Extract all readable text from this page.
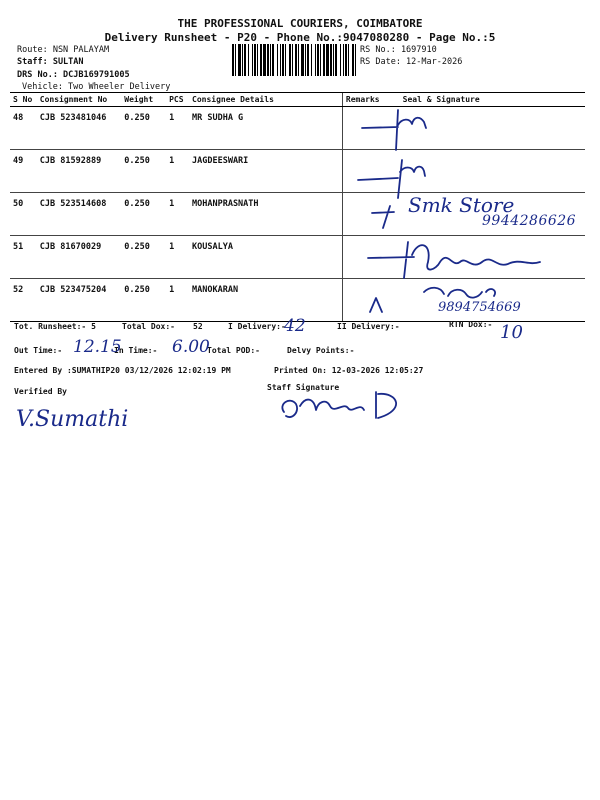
THE PROFESSIONAL COURIERS, COIMBATORE
Delivery Runsheet - P20 - Phone No.:9047080280 - Page No.:5
Route: NSN PALAYAM
Staff: SULTAN
DRS No.: DCJB169791005
Vehicle: Two Wheeler Delivery
RS No.: 1697910
RS Date: 12-Mar-2026
S No	Consignment No	Weight	PCS	Consignee Details	Remarks	Seal & Signature
48	CJB 523481046	0.250	1	MR SUDHA G		
49	CJB 81592889	0.250	1	JAGDEESWARI		
50	CJB 523514608	0.250	1	MOHANPRASNATH		
51	CJB 81670029	0.250	1	KOUSALYA		
52	CJB 523475204	0.250	1	MANOKARAN		
Tot. Runsheet:- 5	Total Dox:- 52	I Delivery:-	II Delivery:-	RTN Dox:-
Out Time:-	In Time:-	Total POD:-	Delvy Points:-
Entered By :SUMATHIP20 03/12/2026 12:02:19 PM	Printed On: 12-03-2026 12:05:27
Verified By	Staff Signature
Smk Store
9944286626
9894754669
42	10
12.15	6.00
V.Sumathi
